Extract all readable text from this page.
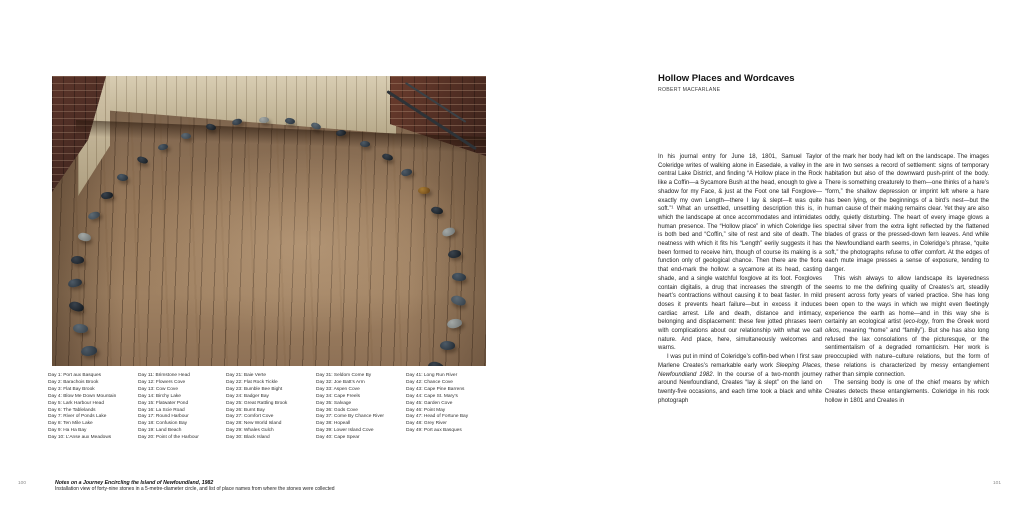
Day 1: Port aux Basques
Day 2: Barachois Brook
Day 3: Flat Bay Brook
Day 4: Blow Me Down Mountain
Day 5: Lark Harbour Head
Day 6: The Tablelands
Day 7: River of Ponds Lake
Day 8: Ten Mile Lake
Day 9: Ha Ha Bay
Day 10: L’Anse aux Meadows
Day 11: Brimstone Head
Day 12: Flowers Cove
Day 13: Cow Cove
Day 14: Birchy Lake
Day 15: Flatwater Pond
Day 16: La Scie Road
Day 17: Round Harbour
Day 18: Confusion Bay
Day 19: Land Beach
Day 20: Point of the Harbour
Day 21: Baie Verte
Day 22: Flat Rock Tickle
Day 23: Bumble Bee Bight
Day 24: Badger Bay
Day 25: Great Rattling Brook
Day 26: Burnt Bay
Day 27: Comfort Cove
Day 28: New World Island
Day 29: Whales Gulch
Day 30: Black Island
Day 31: Seldom Come By
Day 32: Joe Batt’s Arm
Day 33: Aspen Cove
Day 34: Cape Freels
Day 35: Salvage
Day 36: Gods Cove
Day 37: Come By Chance River
Day 38: Hopeall
Day 39: Lower Island Cove
Day 40: Cape Spear
Day 41: Long Run River
Day 42: Chance Cove
Day 43: Cape Pine Barrens
Day 44: Cape St. Mary’s
Day 45: Garden Cove
Day 46: Point May
Day 47: Head of Fortune Bay
Day 48: Grey River
Day 49: Port aux Basques
100	Notes on a Journey Encircling the Island of Newfoundland, 1982
Installation view of forty-nine stones in a 5-metre-diameter circle, and list of place names from where the stones were collected
Hollow Places and Wordcaves
ROBERT MACFARLANE

In his journal entry for June 18, 1801, Samuel Taylor Coleridge writes of walking alone in Easedale, a valley in the central Lake District, and finding “A Hollow place in the Rock like a Coffin—a Sycamore Bush at the head, enough to give a shadow for my Face, & just at the Foot one tall Foxglove—exactly my own Length—there I lay & slept—It was quite soft.”¹ What an unsettled, unsettling description this is, in which the landscape at once accommodates and intimidates human presence. The “Hollow place” in which Coleridge lies is both bed and “Coffin,” site of rest and site of death. The neatness with which it fits his “Length” eerily suggests it has been formed to receive him, though of course its making is a function only of geological chance. Then there are the flora that end-mark the hollow: a sycamore at its head, casting shade, and a single watchful foxglove at its foot. Foxgloves contain digitalis, a drug that increases the strength of the heart’s contractions without causing it to beat faster. In mild doses it prevents heart failure—but in excess it induces cardiac arrest. Life and death, distance and intimacy, belonging and displacement: these few jotted phrases teem with complications about our relationship with what we call nature. And place, here, simultaneously welcomes and warns.

I was put in mind of Coleridge’s coffin-bed when I first saw Marlene Creates’s remarkable early work Sleeping Places, Newfoundland 1982. In the course of a two-month journey around Newfoundland, Creates “lay & slept” on the land on twenty-five occasions, and each time took a black and white photograph

of the mark her body had left on the landscape. The images are in two senses a record of settlement: signs of temporary habitation but also of the downward push-print of the body. There is something creaturely to them—one thinks of a hare’s “form,” the shallow depression or imprint left where a hare has been lying, or the beginnings of a bird’s nest—but the human cause of their making remains clear. Yet they are also oddly, quietly disturbing. The heart of every image glows a spectral silver from the extra light reflected by the flattened blades of grass or the pressed-down fern leaves. And while the Newfoundland earth seems, in Coleridge’s phrase, “quite soft,” the photographs refuse to offer comfort. At the edges of each mute image presses a sense of exposure, tending to danger.

This wish always to allow landscape its layeredness seems to me the defining quality of Creates’s art, steadily present across forty years of varied practice. She has long been open to the ways in which we might even fleetingly experience the earth as home—and in this way she is certainly an ecological artist (eco-logy, from the Greek word oikos, meaning “home” and “family”). But she has also long refused the lax consolations of the picturesque, or the sentimentalism of a degraded romanticism. Her work is preoccupied with nature–culture relations, but the form of these relations is characterized by messy entanglement rather than simple connection.

The sensing body is one of the chief means by which Creates detects these entanglements. Coleridge in his rock hollow in 1801 and Creates in

101
